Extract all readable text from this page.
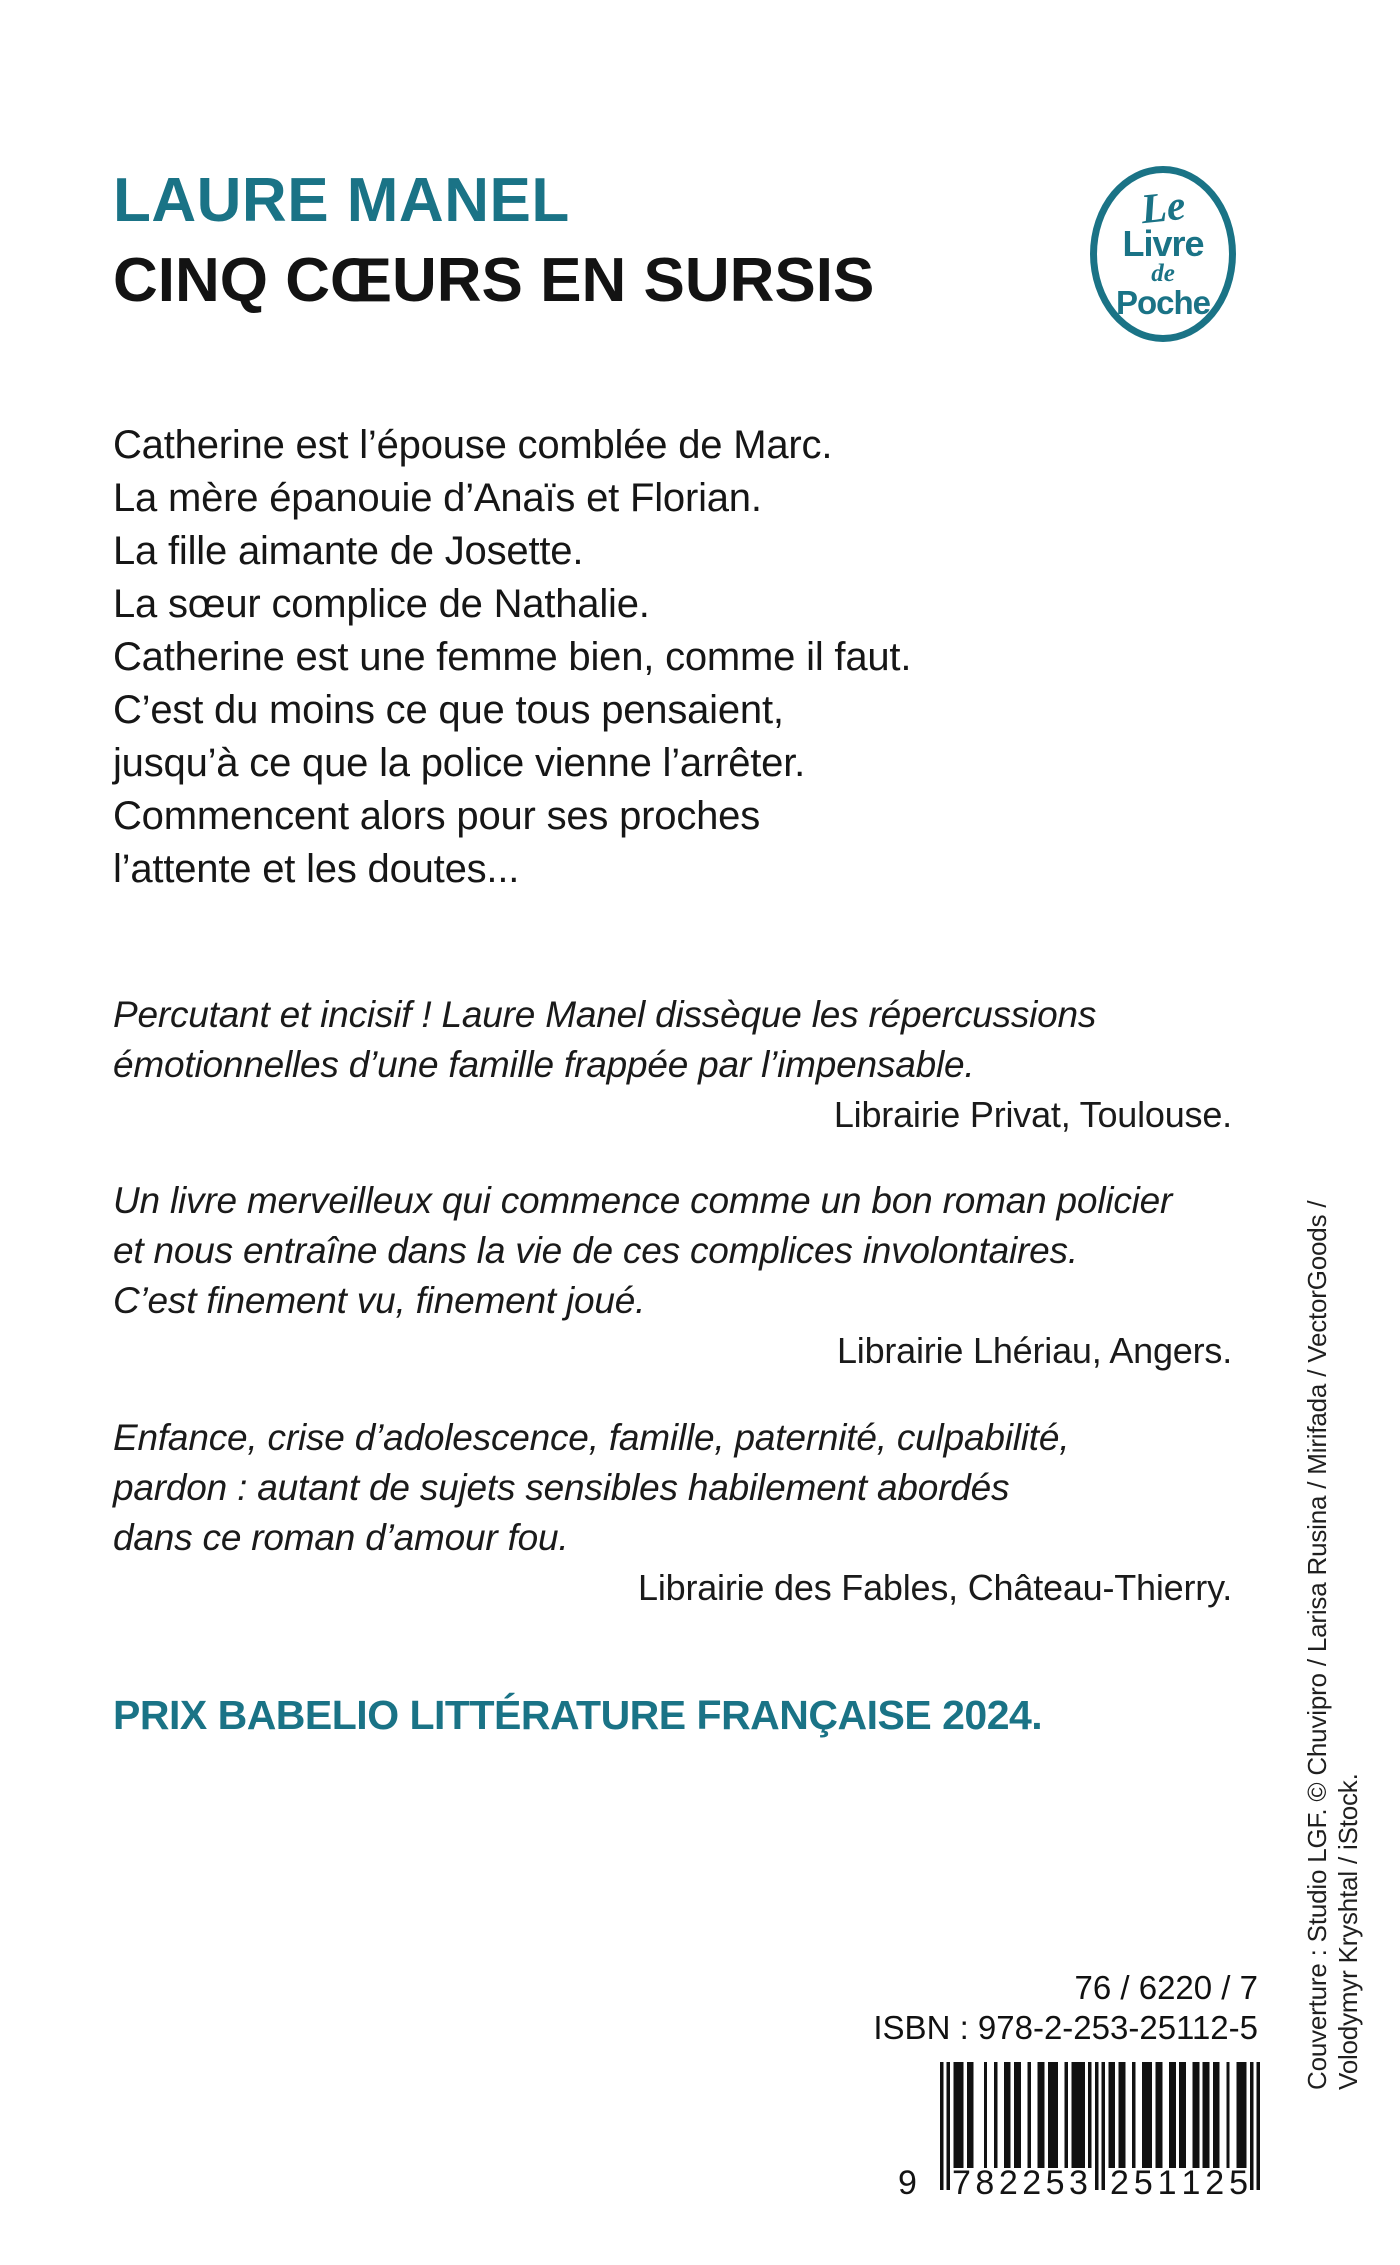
LAURE MANEL
CINQ CŒURS EN SURSIS
Le
Livre
de
Poche
Catherine est l’épouse comblée de Marc.
La mère épanouie d’Anaïs et Florian.
La fille aimante de Josette.
La sœur complice de Nathalie.
Catherine est une femme bien, comme il faut.
C’est du moins ce que tous pensaient,
jusqu’à ce que la police vienne l’arrêter.
Commencent alors pour ses proches
l’attente et les doutes...
Percutant et incisif ! Laure Manel dissèque les répercussions
émotionnelles d’une famille frappée par l’impensable.
Librairie Privat, Toulouse.
Un livre merveilleux qui commence comme un bon roman policier
et nous entraîne dans la vie de ces complices involontaires.
C’est finement vu, finement joué.
Librairie Lhériau, Angers.
Enfance, crise d’adolescence, famille, paternité, culpabilité,
pardon : autant de sujets sensibles habilement abordés
dans ce roman d’amour fou.
Librairie des Fables, Château-Thierry.
PRIX BABELIO LITTÉRATURE FRANÇAISE 2024.
76 / 6220 / 7
ISBN : 978-2-253-25112-5
9 7 8 2 2 5 3 2 5 1 1 2 5
Couverture : Studio LGF. © Chuvipro / Larisa Rusina / Mirifada / VectorGoods / Volodymyr Kryshtal / iStock.
